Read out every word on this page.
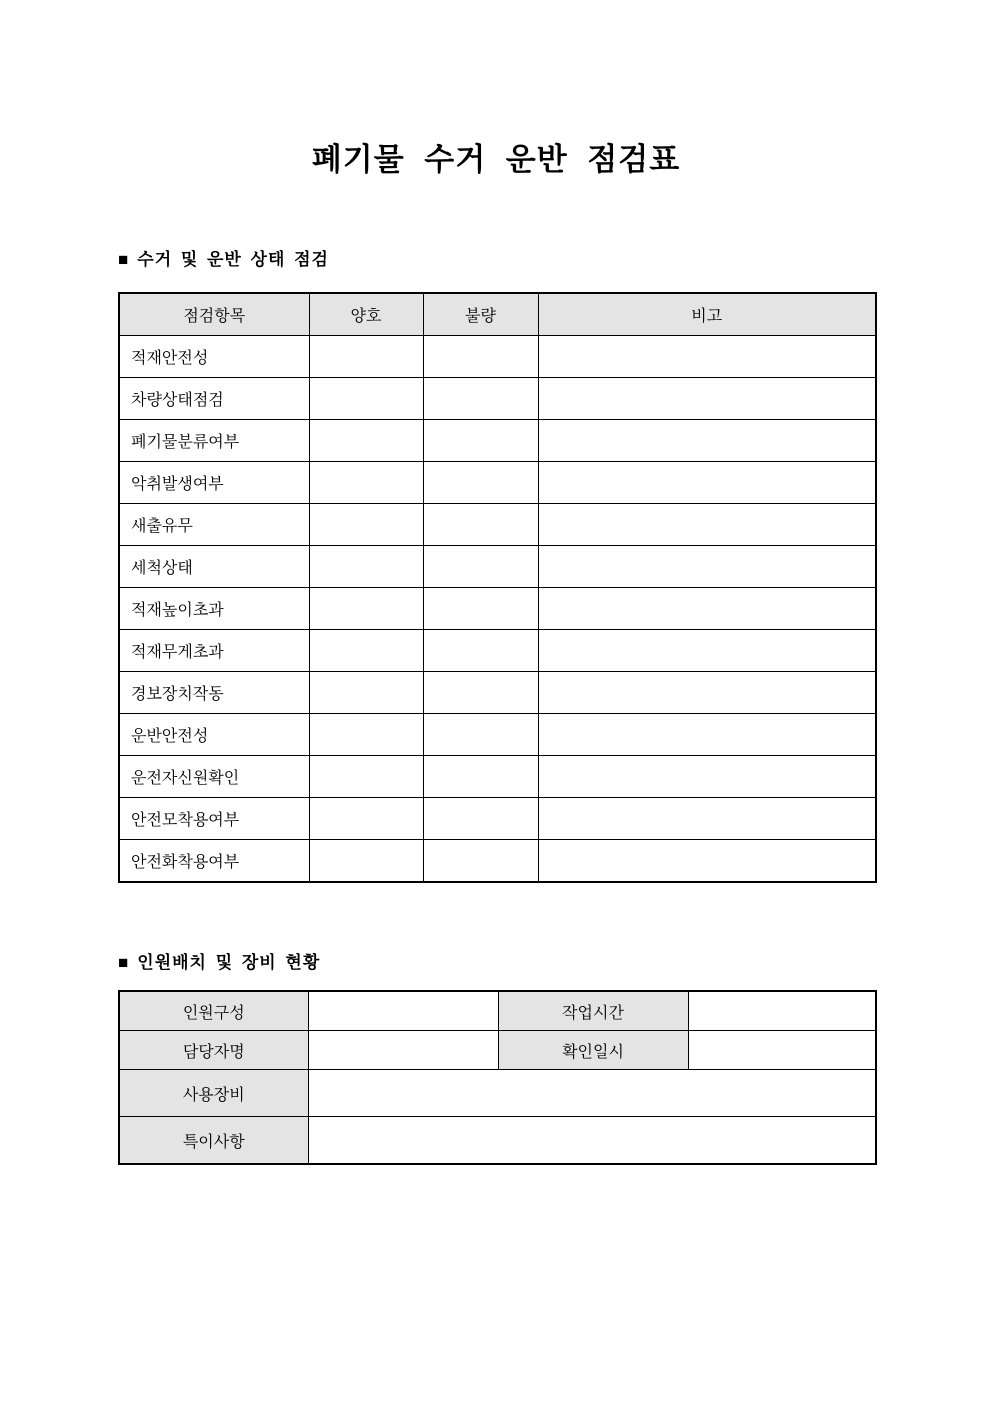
폐기물 수거 운반 점검표
■ 수거 및 운반 상태 점검
점검항목	양호	불량	비고
적재안전성			
차량상태점검			
폐기물분류여부			
악취발생여부			
새출유무			
세척상태			
적재높이초과			
적재무게초과			
경보장치작동			
운반안전성			
운전자신원확인			
안전모착용여부			
안전화착용여부			
■ 인원배치 및 장비 현황
인원구성		작업시간	
담당자명		확인일시	
사용장비			
특이사항			
